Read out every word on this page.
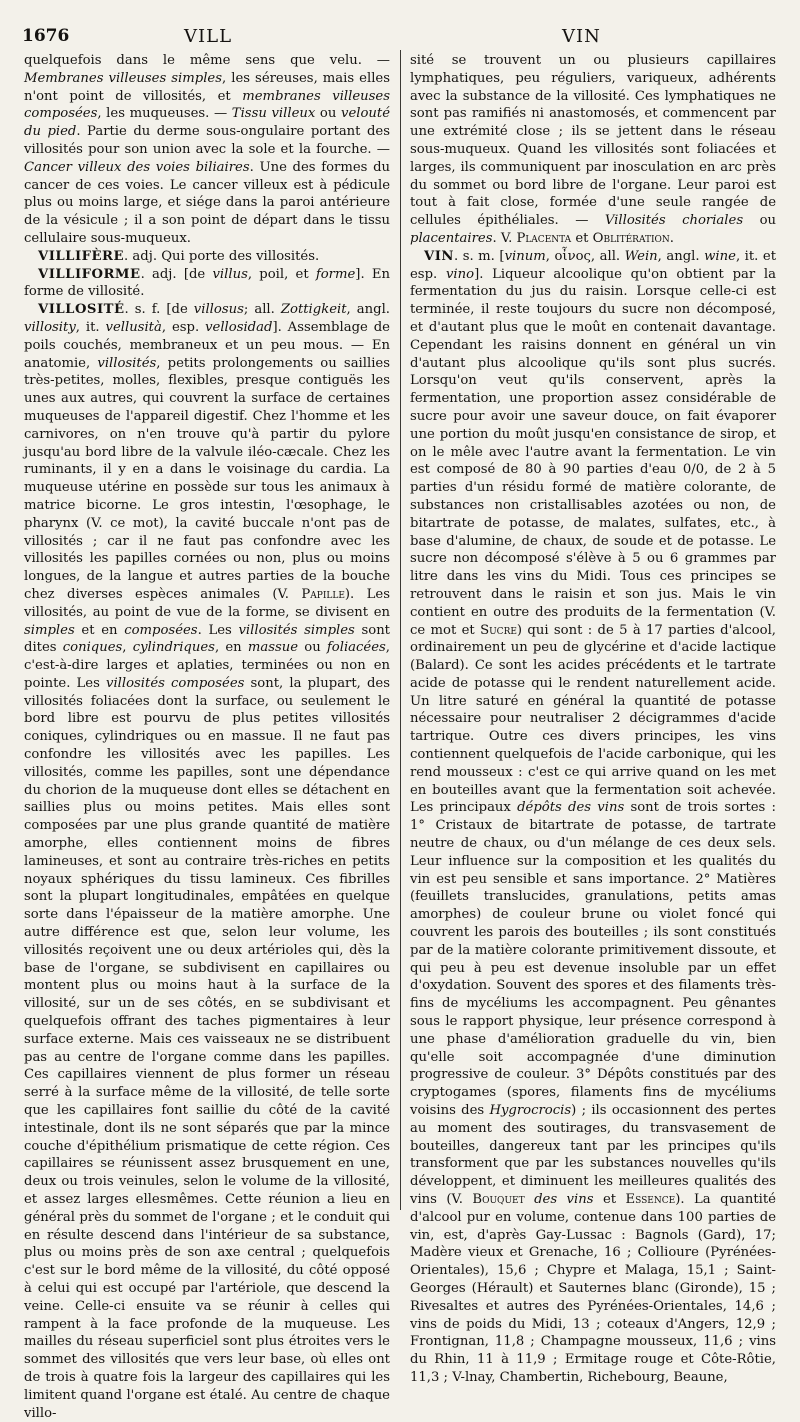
1676	VILL	VIN

quelquefois dans le même sens que velu. — Membranes villeuses simples, les séreuses, mais elles n'ont point de villosités, et membranes villeuses composées, les muqueuses. — Tissu villeux ou velouté du pied. Partie du derme sous-ongulaire portant des villosités pour son union avec la sole et la fourche. — Cancer villeux des voies biliaires. Une des formes du cancer de ces voies. Le cancer villeux est à pédicule plus ou moins large, et siége dans la paroi antérieure de la vésicule ; il a son point de départ dans le tissu cellulaire sous-muqueux.

VILLIFÈRE. adj. Qui porte des villosités.

VILLIFORME. adj. [de villus, poil, et forme]. En forme de villosité.

VILLOSITÉ. s. f. [de villosus; all. Zottigkeit, angl. villosity, it. vellusità, esp. vellosidad]. Assemblage de poils couchés, membraneux et un peu mous. — En anatomie, villosités, petits prolongements ou saillies très-petites, molles, flexibles, presque contiguës les unes aux autres, qui couvrent la surface de certaines muqueuses de l'appareil digestif. Chez l'homme et les carnivores, on n'en trouve qu'à partir du pylore jusqu'au bord libre de la valvule iléo-cæcale. Chez les ruminants, il y en a dans le voisinage du cardia. La muqueuse utérine en possède sur tous les animaux à matrice bicorne. Le gros intestin, l'œsophage, le pharynx (V. ce mot), la cavité buccale n'ont pas de villosités ; car il ne faut pas confondre avec les villosités les papilles cornées ou non, plus ou moins longues, de la langue et autres parties de la bouche chez diverses espèces animales (V. Papille). Les villosités, au point de vue de la forme, se divisent en simples et en composées. Les villosités simples sont dites coniques, cylindriques, en massue ou foliacées, c'est-à-dire larges et aplaties, terminées ou non en pointe. Les villosités composées sont, la plupart, des villosités foliacées dont la surface, ou seulement le bord libre est pourvu de plus petites villosités coniques, cylindriques ou en massue. Il ne faut pas confondre les villosités avec les papilles. Les villosités, comme les papilles, sont une dépendance du chorion de la muqueuse dont elles se détachent en saillies plus ou moins petites. Mais elles sont composées par une plus grande quantité de matière amorphe, elles contiennent moins de fibres lamineuses, et sont au contraire très-riches en petits noyaux sphériques du tissu lamineux. Ces fibrilles sont la plupart longitudinales, empâtées en quelque sorte dans l'épaisseur de la matière amorphe. Une autre différence est que, selon leur volume, les villosités reçoivent une ou deux artérioles qui, dès la base de l'organe, se subdivisent en capillaires ou montent plus ou moins haut à la surface de la villosité, sur un de ses côtés, en se subdivisant et quelquefois offrant des taches pigmentaires à leur surface externe. Mais ces vaisseaux ne se distribuent pas au centre de l'organe comme dans les papilles. Ces capillaires viennent de plus former un réseau serré à la surface même de la villosité, de telle sorte que les capillaires font saillie du côté de la cavité intestinale, dont ils ne sont séparés que par la mince couche d'épithélium prismatique de cette région. Ces capillaires se réunissent assez brusquement en une, deux ou trois veinules, selon le volume de la villosité, et assez larges ellesmêmes. Cette réunion a lieu en général près du sommet de l'organe ; et le conduit qui en résulte descend dans l'intérieur de sa substance, plus ou moins près de son axe central ; quelquefois c'est sur le bord même de la villosité, du côté opposé à celui qui est occupé par l'artériole, que descend la veine. Celle-ci ensuite va se réunir à celles qui rampent à la face profonde de la muqueuse. Les mailles du réseau superficiel sont plus étroites vers le sommet des villosités que vers leur base, où elles ont de trois à quatre fois la largeur des capillaires qui les limitent quand l'organe est étalé. Au centre de chaque villo-

sité se trouvent un ou plusieurs capillaires lymphatiques, peu réguliers, variqueux, adhérents avec la substance de la villosité. Ces lymphatiques ne sont pas ramifiés ni anastomosés, et commencent par une extrémité close ; ils se jettent dans le réseau sous-muqueux. Quand les villosités sont foliacées et larges, ils communiquent par inosculation en arc près du sommet ou bord libre de l'organe. Leur paroi est tout à fait close, formée d'une seule rangée de cellules épithéliales. — Villosités choriales ou placentaires. V. Placenta et Oblitération.

VIN. s. m. [vinum, οἶνος, all. Wein, angl. wine, it. et esp. vino]. Liqueur alcoolique qu'on obtient par la fermentation du jus du raisin. Lorsque celle-ci est terminée, il reste toujours du sucre non décomposé, et d'autant plus que le moût en contenait davantage. Cependant les raisins donnent en général un vin d'autant plus alcoolique qu'ils sont plus sucrés. Lorsqu'on veut qu'ils conservent, après la fermentation, une proportion assez considérable de sucre pour avoir une saveur douce, on fait évaporer une portion du moût jusqu'en consistance de sirop, et on le mêle avec l'autre avant la fermentation. Le vin est composé de 80 à 90 parties d'eau 0/0, de 2 à 5 parties d'un résidu formé de matière colorante, de substances non cristallisables azotées ou non, de bitartrate de potasse, de malates, sulfates, etc., à base d'alumine, de chaux, de soude et de potasse. Le sucre non décomposé s'élève à 5 ou 6 grammes par litre dans les vins du Midi. Tous ces principes se retrouvent dans le raisin et son jus. Mais le vin contient en outre des produits de la fermentation (V. ce mot et Sucre) qui sont : de 5 à 17 parties d'alcool, ordinairement un peu de glycérine et d'acide lactique (Balard). Ce sont les acides précédents et le tartrate acide de potasse qui le rendent naturellement acide. Un litre saturé en général la quantité de potasse nécessaire pour neutraliser 2 décigrammes d'acide tartrique. Outre ces divers principes, les vins contiennent quelquefois de l'acide carbonique, qui les rend mousseux : c'est ce qui arrive quand on les met en bouteilles avant que la fermentation soit achevée. Les principaux dépôts des vins sont de trois sortes : 1° Cristaux de bitartrate de potasse, de tartrate neutre de chaux, ou d'un mélange de ces deux sels. Leur influence sur la composition et les qualités du vin est peu sensible et sans importance. 2° Matières (feuillets translucides, granulations, petits amas amorphes) de couleur brune ou violet foncé qui couvrent les parois des bouteilles ; ils sont constitués par de la matière colorante primitivement dissoute, et qui peu à peu est devenue insoluble par un effet d'oxydation. Souvent des spores et des filaments très-fins de mycéliums les accompagnent. Peu gênantes sous le rapport physique, leur présence correspond à une phase d'amélioration graduelle du vin, bien qu'elle soit accompagnée d'une diminution progressive de couleur. 3° Dépôts constitués par des cryptogames (spores, filaments fins de mycéliums voisins des Hygrocrocis) ; ils occasionnent des pertes au moment des soutirages, du transvasement de bouteilles, dangereux tant par les principes qu'ils transforment que par les substances nouvelles qu'ils développent, et diminuent les meilleures qualités des vins (V. Bouquet des vins et Essence). La quantité d'alcool pur en volume, contenue dans 100 parties de vin, est, d'après Gay-Lussac : Bagnols (Gard), 17; Madère vieux et Grenache, 16 ; Collioure (Pyrénées-Orientales), 15,6 ; Chypre et Malaga, 15,1 ; Saint-Georges (Hérault) et Sauternes blanc (Gironde), 15 ; Rivesaltes et autres des Pyrénées-Orientales, 14,6 ; vins de poids du Midi, 13 ; coteaux d'Angers, 12,9 ; Frontignan, 11,8 ; Champagne mousseux, 11,6 ; vins du Rhin, 11 à 11,9 ; Ermitage rouge et Côte-Rôtie, 11,3 ; V-lnay, Chambertin, Richebourg, Beaune,
